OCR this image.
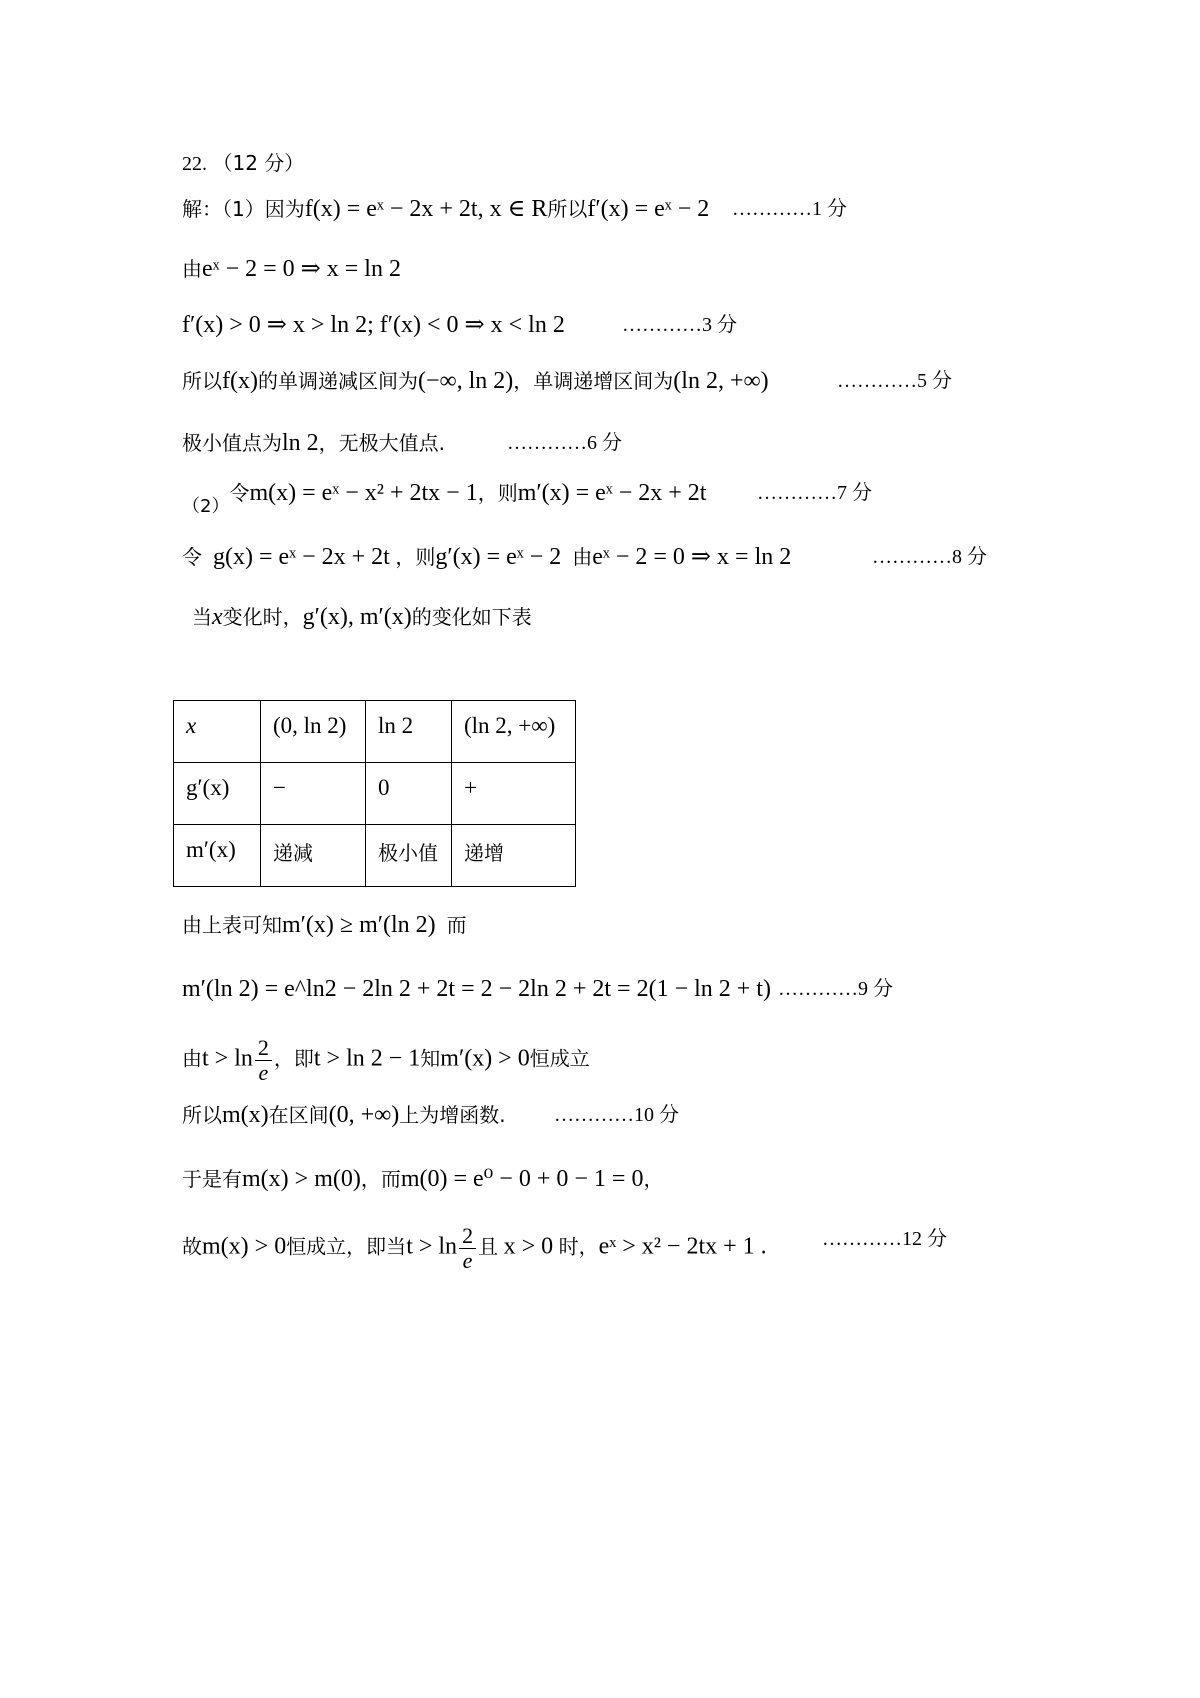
22. （12 分）
解：（1）因为f(x) = eˣ − 2x + 2t, x ∈ R所以f′(x) = eˣ − 2 …………1 分
由eˣ − 2 = 0 ⇒ x = ln 2
f′(x) > 0 ⇒ x > ln 2; f′(x) < 0 ⇒ x < ln 2	…………3 分
所以f(x)的单调递减区间为(−∞, ln 2)，单调递增区间为(ln 2, +∞)	…………5 分
极小值点为ln 2，无极大值点.	…………6 分
$_{(2)}$令m(x) = eˣ − x² + 2tx − 1，则m′(x) = eˣ − 2x + 2t	…………7 分
令 g(x) = eˣ − 2x + 2t ，则g′(x) = eˣ − 2 由eˣ − 2 = 0 ⇒ x = ln 2	…………8 分
当x变化时，g′(x), m′(x)的变化如下表
x	(0, ln 2)	ln 2	(ln 2, +∞)
g′(x)	−	0	+
m′(x)	递减	极小值	递增
由上表可知m′(x) ≥ m′(ln 2) 而
m′(ln 2) = e^ln2 − 2ln 2 + 2t = 2 − 2ln 2 + 2t = 2(1 − ln 2 + t) …………9 分
由$t > \ln \frac{2}{e}$ ，即t > ln 2 − 1知m′(x) > 0恒成立
所以m(x)在区间(0, +∞)上为增函数. …………10 分
于是有m(x) > m(0)，而m(0) = e⁰ − 0 + 0 − 1 = 0，
故m(x) > 0恒成立，即当$t > \ln \frac{2}{e}$ 且 x > 0 时，eˣ > x² − 2tx + 1 .	…………12 分
